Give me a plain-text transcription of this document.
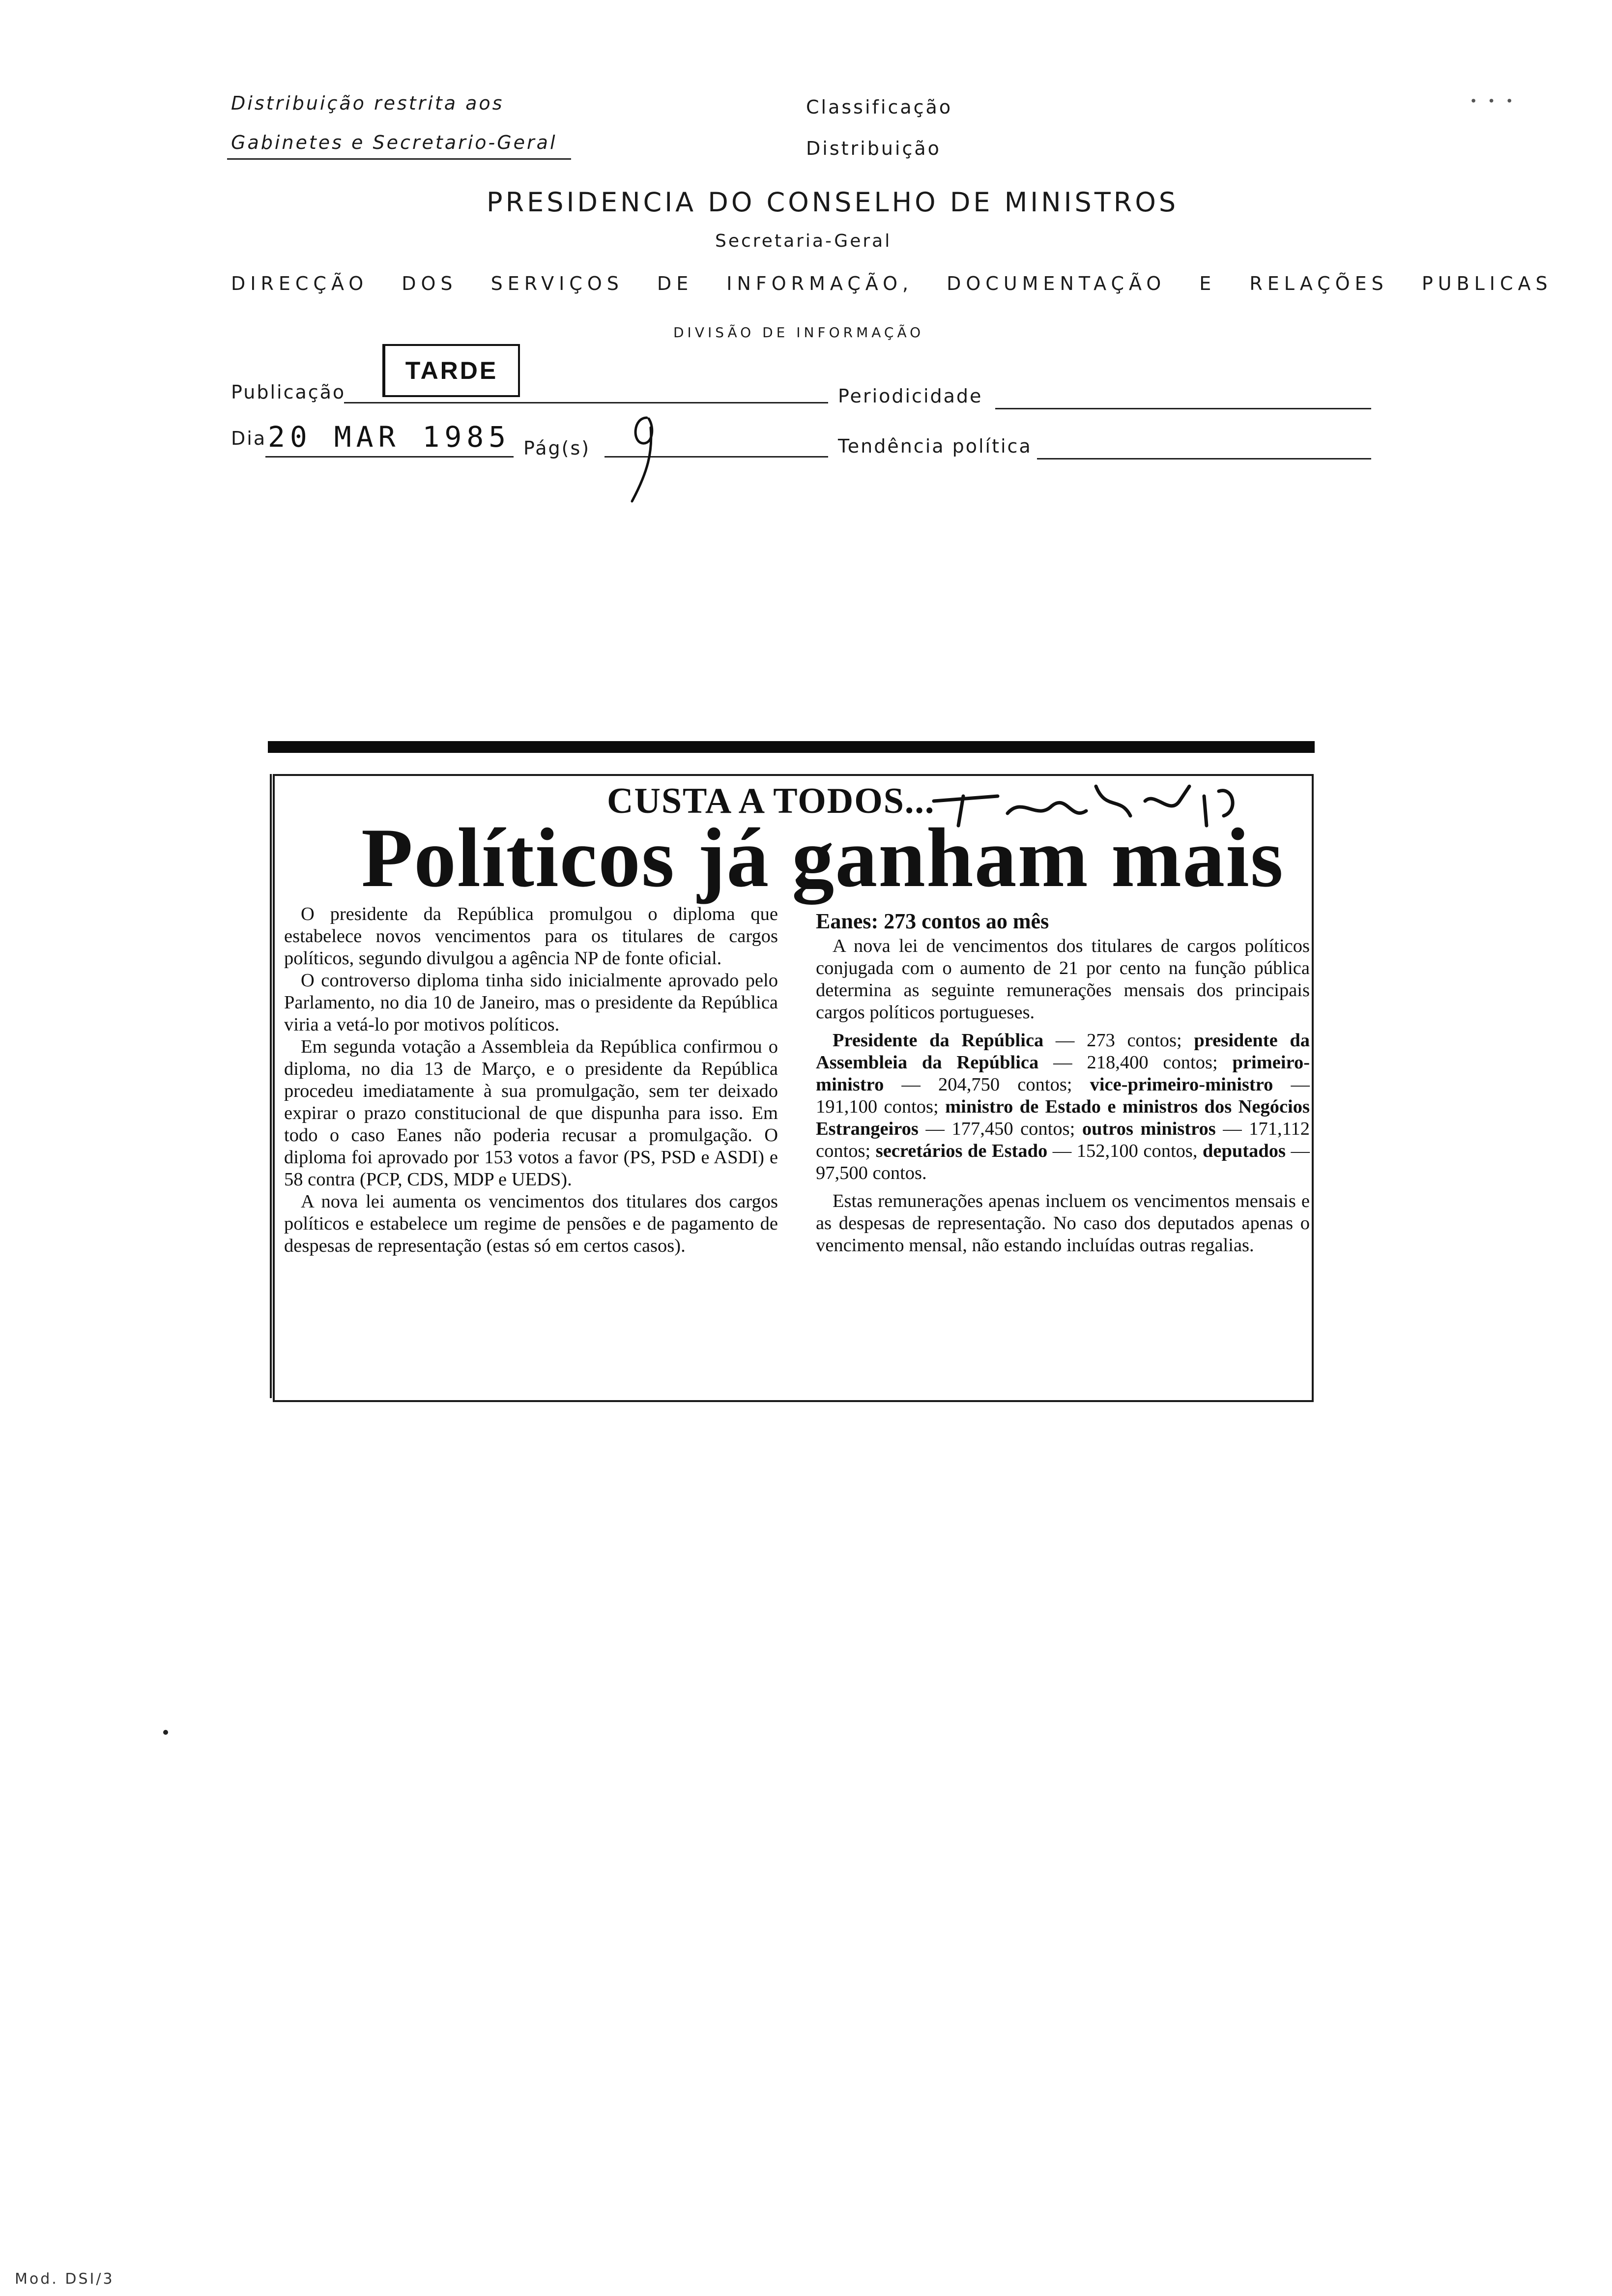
Distribuição restrita aos
Gabinetes e Secretario-Geral
Classificação
Distribuição
∙ ∙ ∙
PRESIDENCIA DO CONSELHO DE MINISTROS
Secretaria-Geral
DIRECÇÃO DOS SERVIÇOS DE INFORMAÇÃO, DOCUMENTAÇÃO E RELAÇÕES PUBLICAS
DIVISÃO DE INFORMAÇÃO
Publicação
TARDE
Dia 20 MAR 1985 Pág(s)
Periodicidade
Tendência política
CUSTA A TODOS...
Políticos já ganham mais

O presidente da República promulgou o diploma que estabelece novos vencimentos para os titulares de cargos políticos, segundo divulgou a agência NP de fonte oficial.

O controverso diploma tinha sido inicialmente aprovado pelo Parlamento, no dia 10 de Janeiro, mas o presidente da República viria a vetá-lo por motivos políticos.

Em segunda votação a Assembleia da República confirmou o diploma, no dia 13 de Março, e o presidente da República procedeu imediatamente à sua promulgação, sem ter deixado expirar o prazo constitucional de que dispunha para isso. Em todo o caso Eanes não poderia recusar a promulgação. O diploma foi aprovado por 153 votos a favor (PS, PSD e ASDI) e 58 contra (PCP, CDS, MDP e UEDS).

A nova lei aumenta os vencimentos dos titulares dos cargos políticos e estabelece um regime de pensões e de pagamento de despesas de representação (estas só em certos casos).

Eanes: 273 contos ao mês

A nova lei de vencimentos dos titulares de cargos políticos conjugada com o aumento de 21 por cento na função pública determina as seguinte remunerações mensais dos principais cargos políticos portugueses.

Presidente da República — 273 contos; presidente da Assembleia da República — 218,400 contos; primeiro-ministro — 204,750 contos; vice-primeiro-ministro — 191,100 contos; ministro de Estado e ministros dos Negócios Estrangeiros — 177,450 contos; outros ministros — 171,112 contos; secretários de Estado — 152,100 contos, deputados — 97,500 contos.

Estas remunerações apenas incluem os vencimentos mensais e as despesas de representação. No caso dos deputados apenas o vencimento mensal, não estando incluídas outras regalias.

Mod. DSI/3
